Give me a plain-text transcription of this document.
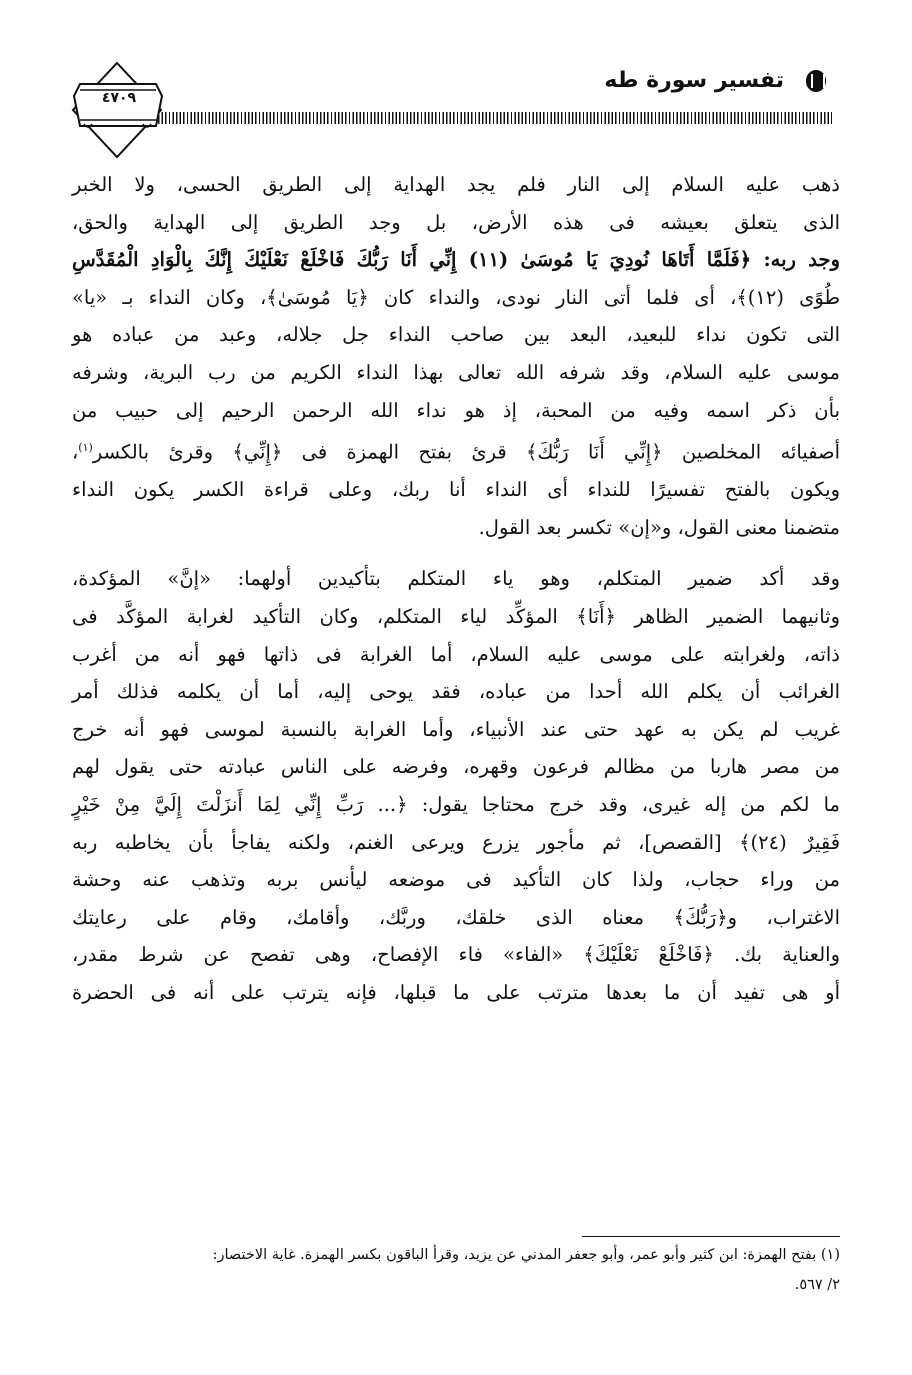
تفسير سورة طه
٤٧٠٩
ذهب عليه السلام إلى النار فلم يجد الهداية إلى الطريق الحسى، ولا الخبر
الذى يتعلق بعيشه فى هذه الأرض، بل وجد الطريق إلى الهداية والحق،
وجد ربه: ﴿فَلَمَّا أَتَاهَا نُودِيَ يَا مُوسَىٰ (١١) إِنِّي أَنَا رَبُّكَ فَاخْلَعْ نَعْلَيْكَ إِنَّكَ بِالْوَادِ الْمُقَدَّسِ
طُوًى (١٢)﴾، أى فلما أتى النار نودى، والنداء كان ﴿يَا مُوسَىٰ﴾، وكان النداء بـ «يا»
التى تكون نداء للبعيد، البعد بين صاحب النداء جل جلاله، وعبد من عباده هو
موسى عليه السلام، وقد شرفه الله تعالى بهذا النداء الكريم من رب البرية، وشرفه
بأن ذكر اسمه وفيه من المحبة، إذ هو نداء الله الرحمن الرحيم إلى حبيب من
أصفيائه المخلصين ﴿إِنِّي أَنَا رَبُّكَ﴾ قرئ بفتح الهمزة فى ﴿إِنِّي﴾ وقرئ بالكسر$^{(١)}$،
ويكون بالفتح تفسيرًا للنداء أى النداء أنا ربك، وعلى قراءة الكسر يكون النداء
متضمنا معنى القول، و«إن» تكسر بعد القول.
وقد أكد ضمير المتكلم، وهو ياء المتكلم بتأكيدين أولهما: «إنَّ» المؤكدة،
وثانيهما الضمير الظاهر ﴿أَنَا﴾ المؤكِّد لياء المتكلم، وكان التأكيد لغرابة المؤكَّد فى
ذاته، ولغرابته على موسى عليه السلام، أما الغرابة فى ذاتها فهو أنه من أغرب
الغرائب أن يكلم الله أحدا من عباده، فقد يوحى إليه، أما أن يكلمه فذلك أمر
غريب لم يكن به عهد حتى عند الأنبياء، وأما الغرابة بالنسبة لموسى فهو أنه خرج
من مصر هاربا من مظالم فرعون وقهره، وفرضه على الناس عبادته حتى يقول لهم
ما لكم من إله غيرى، وقد خرج محتاجا يقول: ﴿... رَبِّ إِنِّي لِمَا أَنزَلْتَ إِلَيَّ مِنْ خَيْرٍ
فَقِيرٌ (٢٤)﴾ [القصص]، ثم مأجور يزرع ويرعى الغنم، ولكنه يفاجأ بأن يخاطبه ربه
من وراء حجاب، ولذا كان التأكيد فى موضعه ليأنس بربه وتذهب عنه وحشة
الاغتراب، و﴿رَبُّكَ﴾ معناه الذى خلقك، وربَّك، وأقامك، وقام على رعايتك
والعناية بك. ﴿فَاخْلَعْ نَعْلَيْكَ﴾ «الفاء» فاء الإفصاح، وهى تفصح عن شرط مقدر،
أو هى تفيد أن ما بعدها مترتب على ما قبلها، فإنه يترتب على أنه فى الحضرة
(١) بفتح الهمزة: ابن كثير وأبو عمر، وأبو جعفر المدني عن يزيد، وقرأ الباقون بكسر الهمزة. غاية الاختصار:
٢/ ٥٦٧.
